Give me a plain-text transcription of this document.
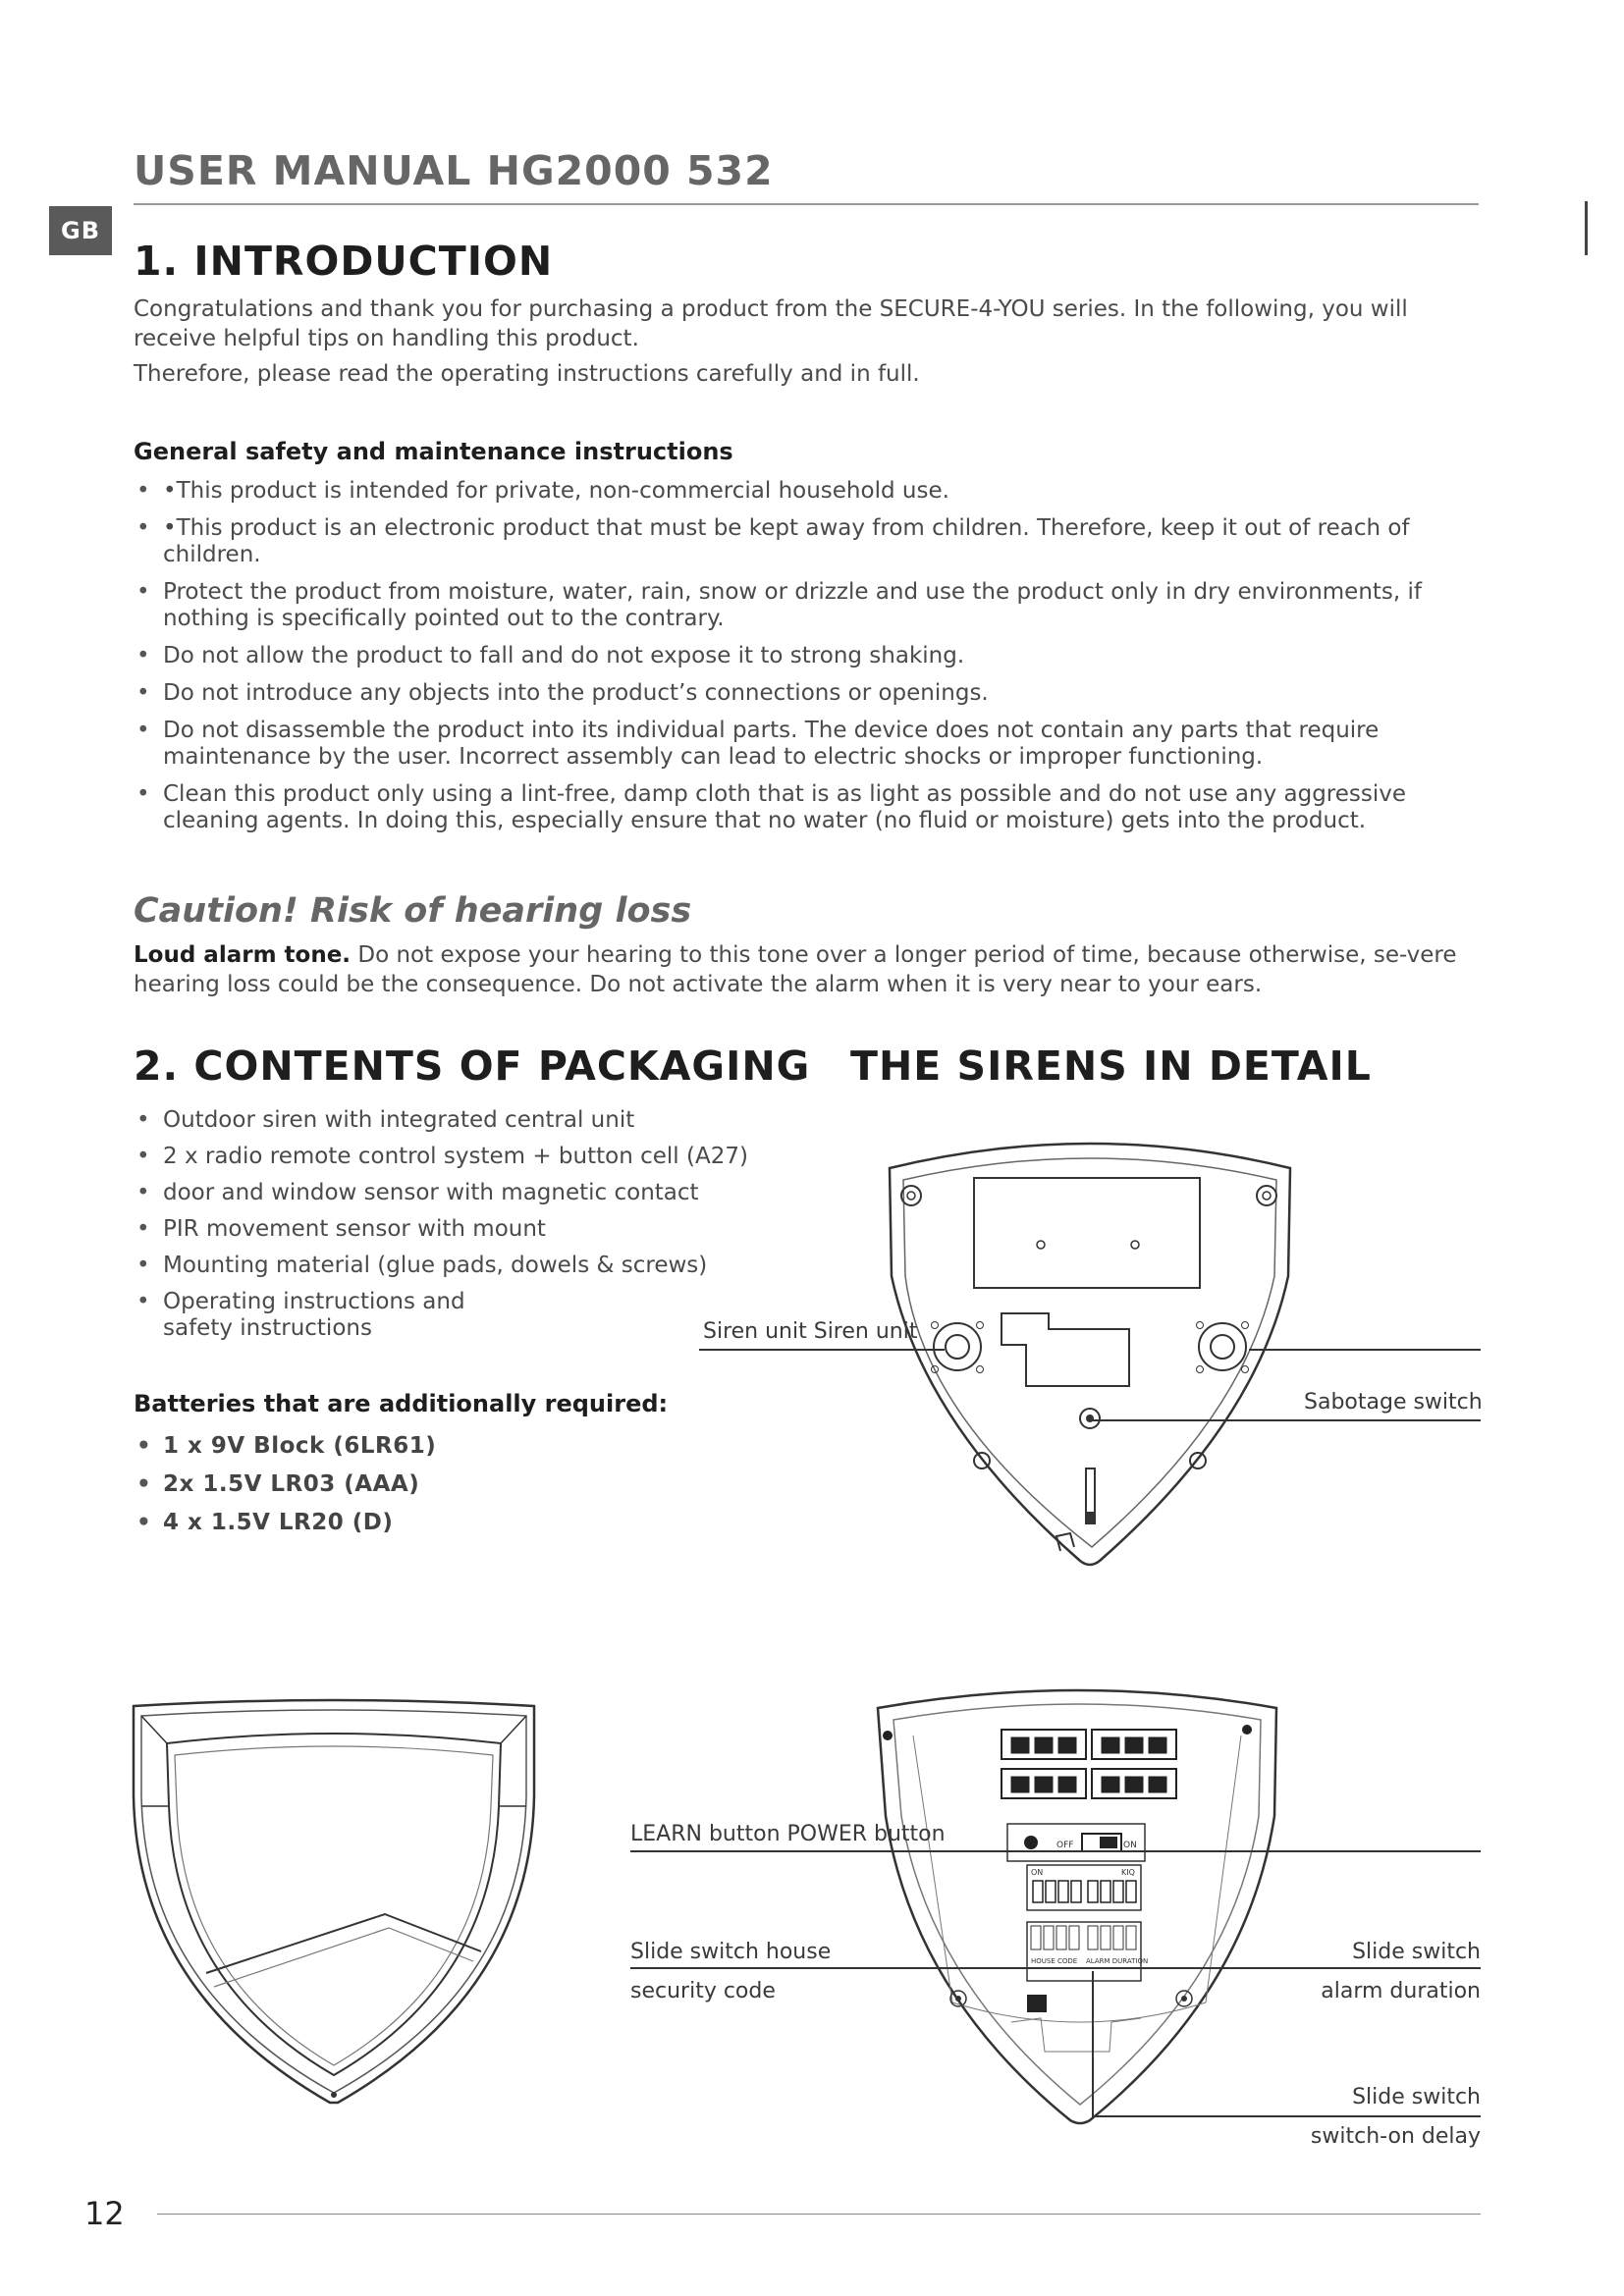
GB
USER MANUAL HG2000 532
1. INTRODUCTION
Congratulations and thank you for purchasing a product from the SECURE-4-YOU series. In the following, you will receive helpful tips on handling this product.
Therefore, please read the operating instructions carefully and in full.
General safety and maintenance instructions
• •This product is intended for private, non-commercial household use.
• •This product is an electronic product that must be kept away from children. Therefore, keep it out of reach of children.
• Protect the product from moisture, water, rain, snow or drizzle and use the product only in dry environments, if nothing is specifically pointed out to the contrary.
• Do not allow the product to fall and do not expose it to strong shaking.
• Do not introduce any objects into the product’s connections or openings.
• Do not disassemble the product into its individual parts. The device does not contain any parts that require maintenance by the user. Incorrect assembly can lead to electric shocks or improper functioning.
• Clean this product only using a lint-free, damp cloth that is as light as possible and do not use any aggressive cleaning agents. In doing this, especially ensure that no water (no fluid or moisture) gets into the product.
Caution! Risk of hearing loss
Loud alarm tone. Do not expose your hearing to this tone over a longer period of time, because otherwise, se-vere hearing loss could be the consequence. Do not activate the alarm when it is very near to your ears.
2. CONTENTS OF PACKAGING THE SIRENS IN DETAIL
• Outdoor siren with integrated central unit
• 2 x radio remote control system + button cell (A27)
• door and window sensor with magnetic contact
• PIR movement sensor with mount
• Mounting material (glue pads, dowels & screws)
• Operating instructions and safety instructions
Batteries that are additionally required:
• 1 x 9V Block (6LR61)
• 2x 1.5V LR03 (AAA)
• 4 x 1.5V LR20 (D)
Siren unit Siren unit
Sabotage switch
OFF	ON
ON	KIQ
HOUSE CODE ALARM DURATION
LEARN button POWER button
Slide switch house
security code
Slide switch
alarm duration
Slide switch
switch-on delay
12
